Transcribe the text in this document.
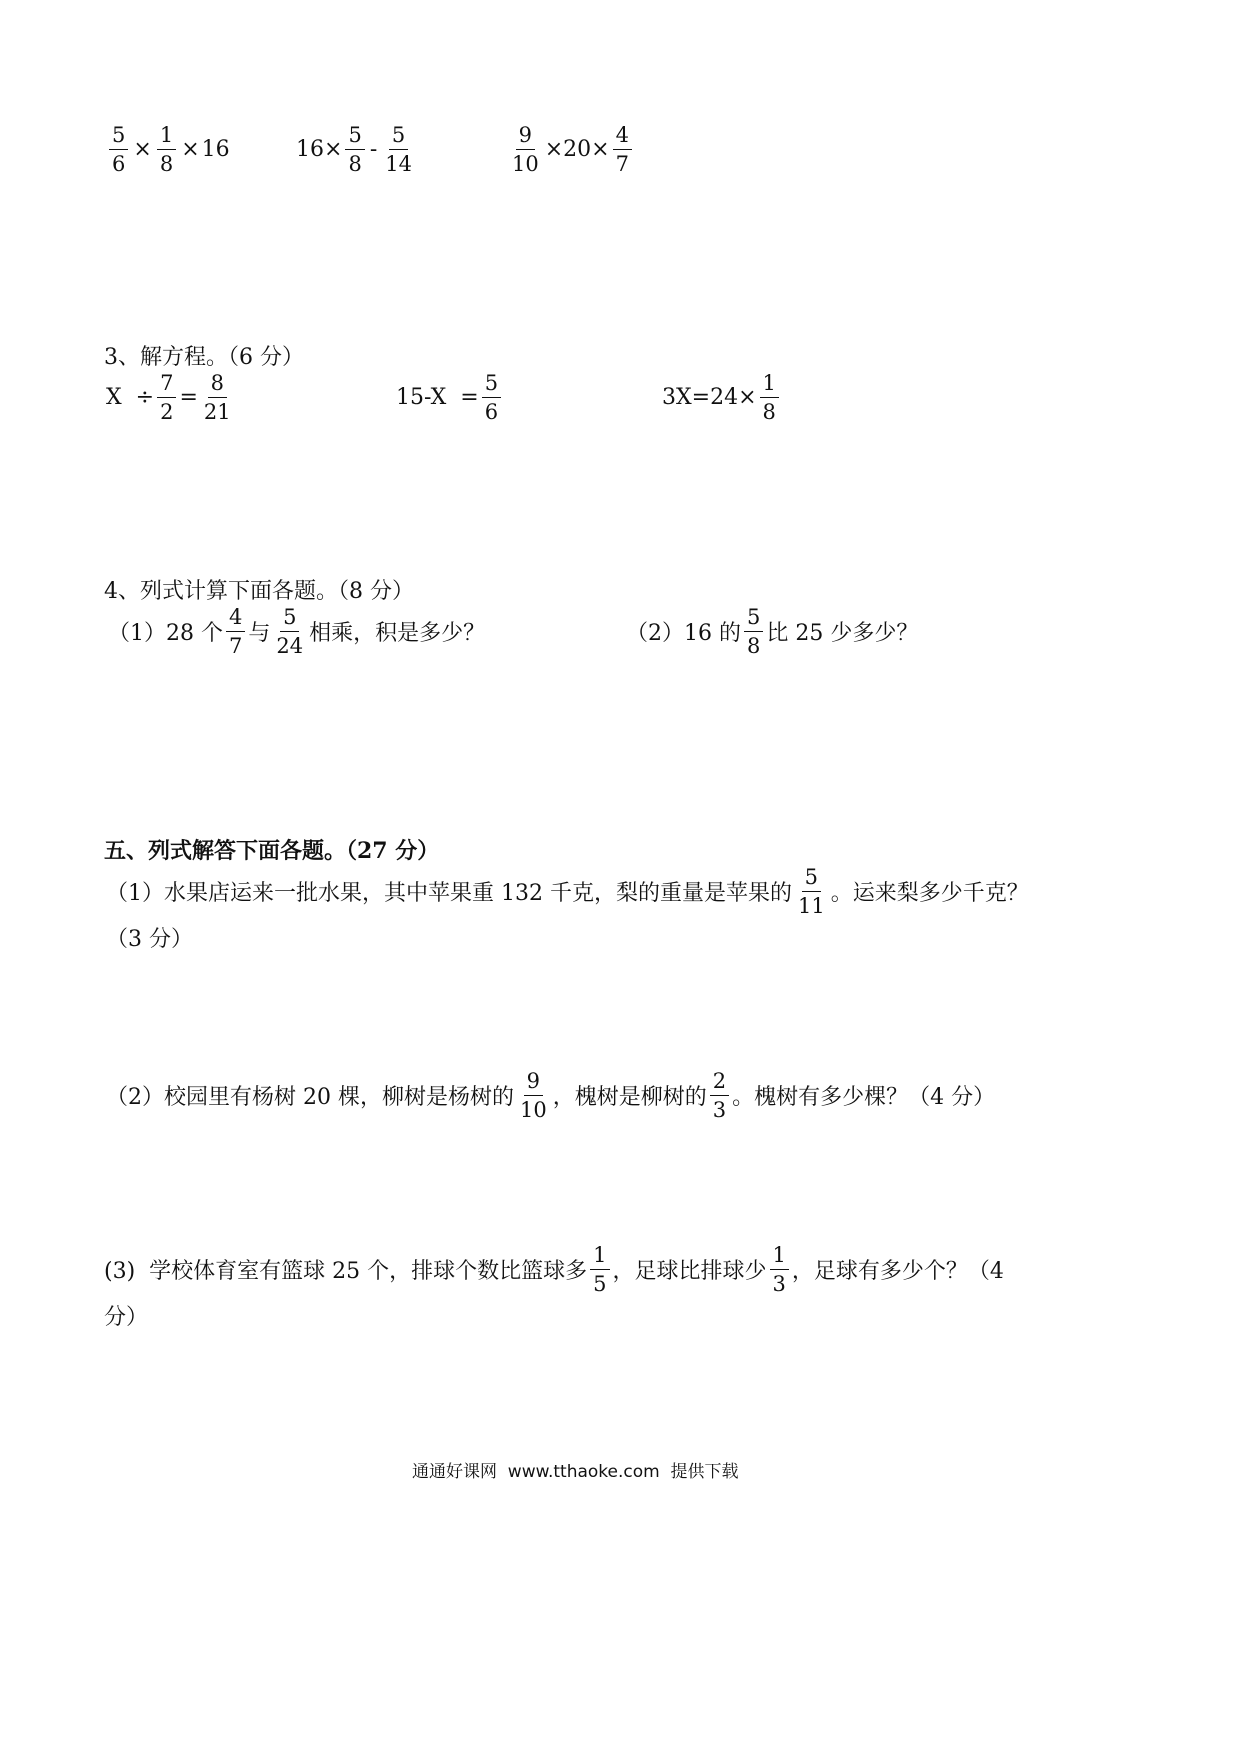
$\frac{5}{6} \times \frac{1}{8} \times 16$	$16\times \frac{5}{8} - \frac{5}{14}$	$\frac{9}{10} \times 20\times \frac{4}{7}$
3、解方程。（6 分）
$X \div \frac{7}{2} = \frac{8}{21}$	$15-X = \frac{5}{6}$	$3X=24\times \frac{1}{8}$
4、列式计算下面各题。（8 分）
（1）28 个 $\frac{4}{7}$ 与 $\frac{5}{24}$ 相乘，积是多少？	（2）16 的 $\frac{5}{8}$ 比 25 少多少？
五、列式解答下面各题。（27 分）
（1）水果店运来一批水果，其中苹果重 132 千克，梨的重量是苹果的 $\frac{5}{11}$ 。运来梨多少千克？
（3 分）
（2）校园里有杨树 20 棵，柳树是杨树的 $\frac{9}{10}$ ，槐树是柳树的 $\frac{2}{3}$ 。槐树有多少棵？（4 分）
(3)  学校体育室有篮球 25 个，排球个数比篮球多 $\frac{1}{5}$ ，足球比排球少 $\frac{1}{3}$ ，足球有多少个？（4
分）
通通好课网  www.tthaoke.com  提供下载
